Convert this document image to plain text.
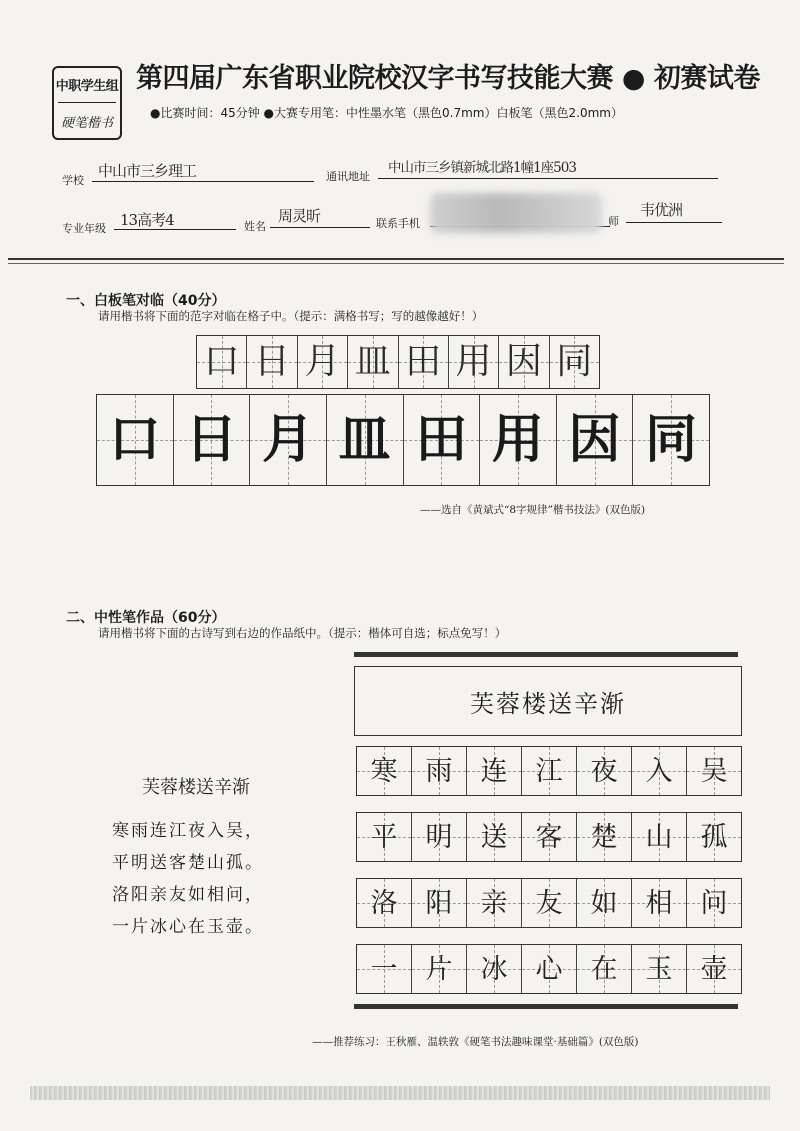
中职学生组
硬笔楷书
第四届广东省职业院校汉字书写技能大赛 ● 初赛试卷
●比赛时间：45分钟 ●大赛专用笔：中性墨水笔（黑色0.7mm）白板笔（黑色2.0mm）
学校
中山市三乡理工	通讯地址
中山市三乡镇新城北路1幢1座503
专业年级 13高考4	姓名
周灵昕	联系手机	师
韦优洲
一、白板笔对临（40分）
请用楷书将下面的范字对临在格子中。（提示：满格书写；写的越像越好！）
口 日 月 皿 田 用 因 同
口 日 月 皿 田 用 因 同
——选自《黄斌式“8字规律”楷书技法》(双色版)
二、中性笔作品（60分）
请用楷书将下面的古诗写到右边的作品纸中。（提示：楷体可自选；标点免写！）
芙蓉楼送辛渐
寒雨连江夜入吴，
平明送客楚山孤。
洛阳亲友如相问，
一片冰心在玉壶。
芙蓉楼送辛渐
寒 雨 连 江 夜 入 吴
平 明 送 客 楚 山 孤
洛 阳 亲 友 如 相 问
一 片 冰 心 在 玉 壶
——推荐练习：王秋雁、温轶敦《硬笔书法趣味课堂·基础篇》(双色版)
